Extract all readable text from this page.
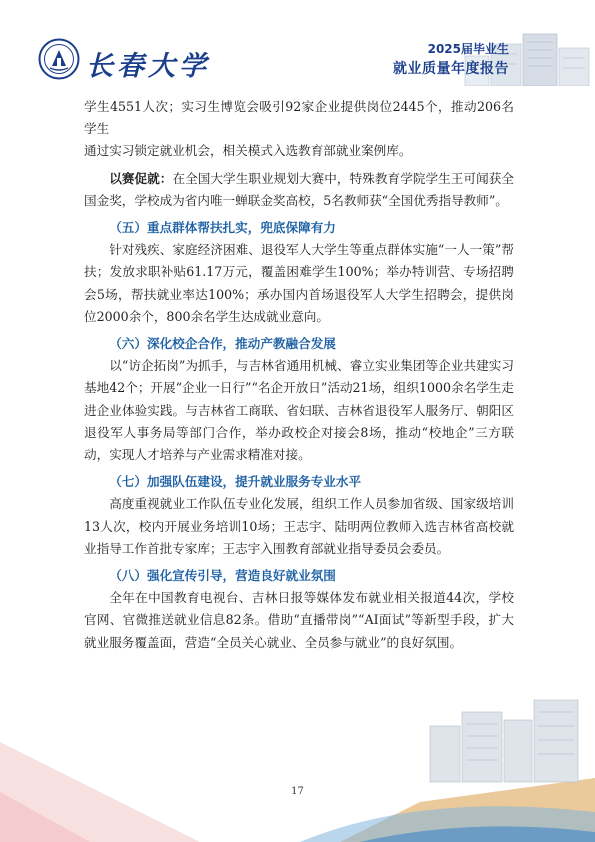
长春大学
2025届毕业生
就业质量年度报告

学生4551人次；实习生博览会吸引92家企业提供岗位2445个，推动206名学生

通过实习锁定就业机会，相关模式入选教育部就业案例库。

以赛促就：在全国大学生职业规划大赛中，特殊教育学院学生王可闻获全国金奖，学校成为省内唯一蝉联金奖高校，5名教师获“全国优秀指导教师”。

（五）重点群体帮扶扎实，兜底保障有力

针对残疾、家庭经济困难、退役军人大学生等重点群体实施“一人一策”帮扶；发放求职补贴61.17万元，覆盖困难学生100%；举办特训营、专场招聘会5场，帮扶就业率达100%；承办国内首场退役军人大学生招聘会，提供岗位2000余个，800余名学生达成就业意向。

（六）深化校企合作，推动产教融合发展

以“访企拓岗”为抓手，与吉林省通用机械、睿立实业集团等企业共建实习基地42个；开展“企业一日行”“名企开放日”活动21场，组织1000余名学生走进企业体验实践。与吉林省工商联、省妇联、吉林省退役军人服务厅、朝阳区退役军人事务局等部门合作，举办政校企对接会8场，推动“校地企”三方联动，实现人才培养与产业需求精准对接。

（七）加强队伍建设，提升就业服务专业水平

高度重视就业工作队伍专业化发展，组织工作人员参加省级、国家级培训13人次，校内开展业务培训10场；王志宇、陆明两位教师入选吉林省高校就业指导工作首批专家库；王志宇入围教育部就业指导委员会委员。

（八）强化宣传引导，营造良好就业氛围

全年在中国教育电视台、吉林日报等媒体发布就业相关报道44次，学校官网、官微推送就业信息82条。借助“直播带岗”“AI面试”等新型手段，扩大就业服务覆盖面，营造“全员关心就业、全员参与就业”的良好氛围。

17
